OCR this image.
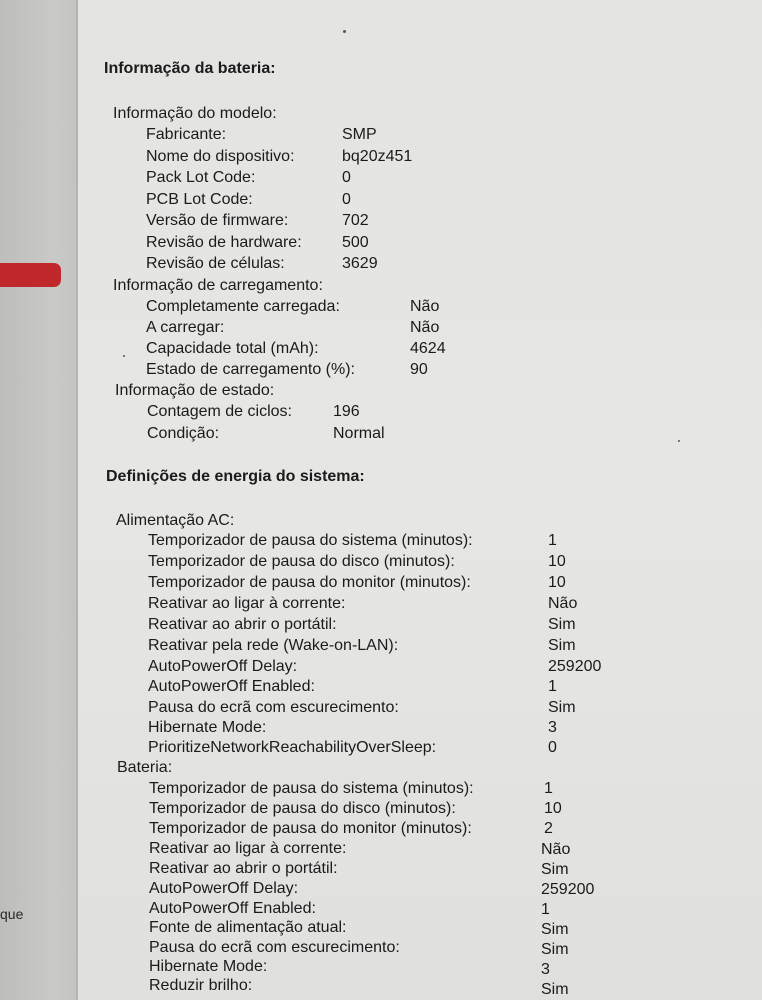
que
Informação da bateria:
Informação do modelo:
Fabricante:	SMP
Nome do dispositivo:	bq20z451
Pack Lot Code:	0
PCB Lot Code:	0
Versão de firmware:	702
Revisão de hardware:	500
Revisão de células:	3629
Informação de carregamento:
Completamente carregada:	Não
A carregar:	Não
Capacidade total (mAh):	4624
Estado de carregamento (%):	90
Informação de estado:
Contagem de ciclos:	196
Condição:	Normal
Definições de energia do sistema:
Alimentação AC:
Temporizador de pausa do sistema (minutos):	1
Temporizador de pausa do disco (minutos):	10
Temporizador de pausa do monitor (minutos):	10
Reativar ao ligar à corrente:	Não
Reativar ao abrir o portátil:	Sim
Reativar pela rede (Wake-on-LAN):	Sim
AutoPowerOff Delay:	259200
AutoPowerOff Enabled:	1
Pausa do ecrã com escurecimento:	Sim
Hibernate Mode:	3
PrioritizeNetworkReachabilityOverSleep:	0
Bateria:
Temporizador de pausa do sistema (minutos):	1
Temporizador de pausa do disco (minutos):	10
Temporizador de pausa do monitor (minutos):	2
Reativar ao ligar à corrente:	Não
Reativar ao abrir o portátil:	Sim
AutoPowerOff Delay:	259200
AutoPowerOff Enabled:	1
Fonte de alimentação atual:	Sim
Pausa do ecrã com escurecimento:	Sim
Hibernate Mode:	3
Reduzir brilho:	Sim
